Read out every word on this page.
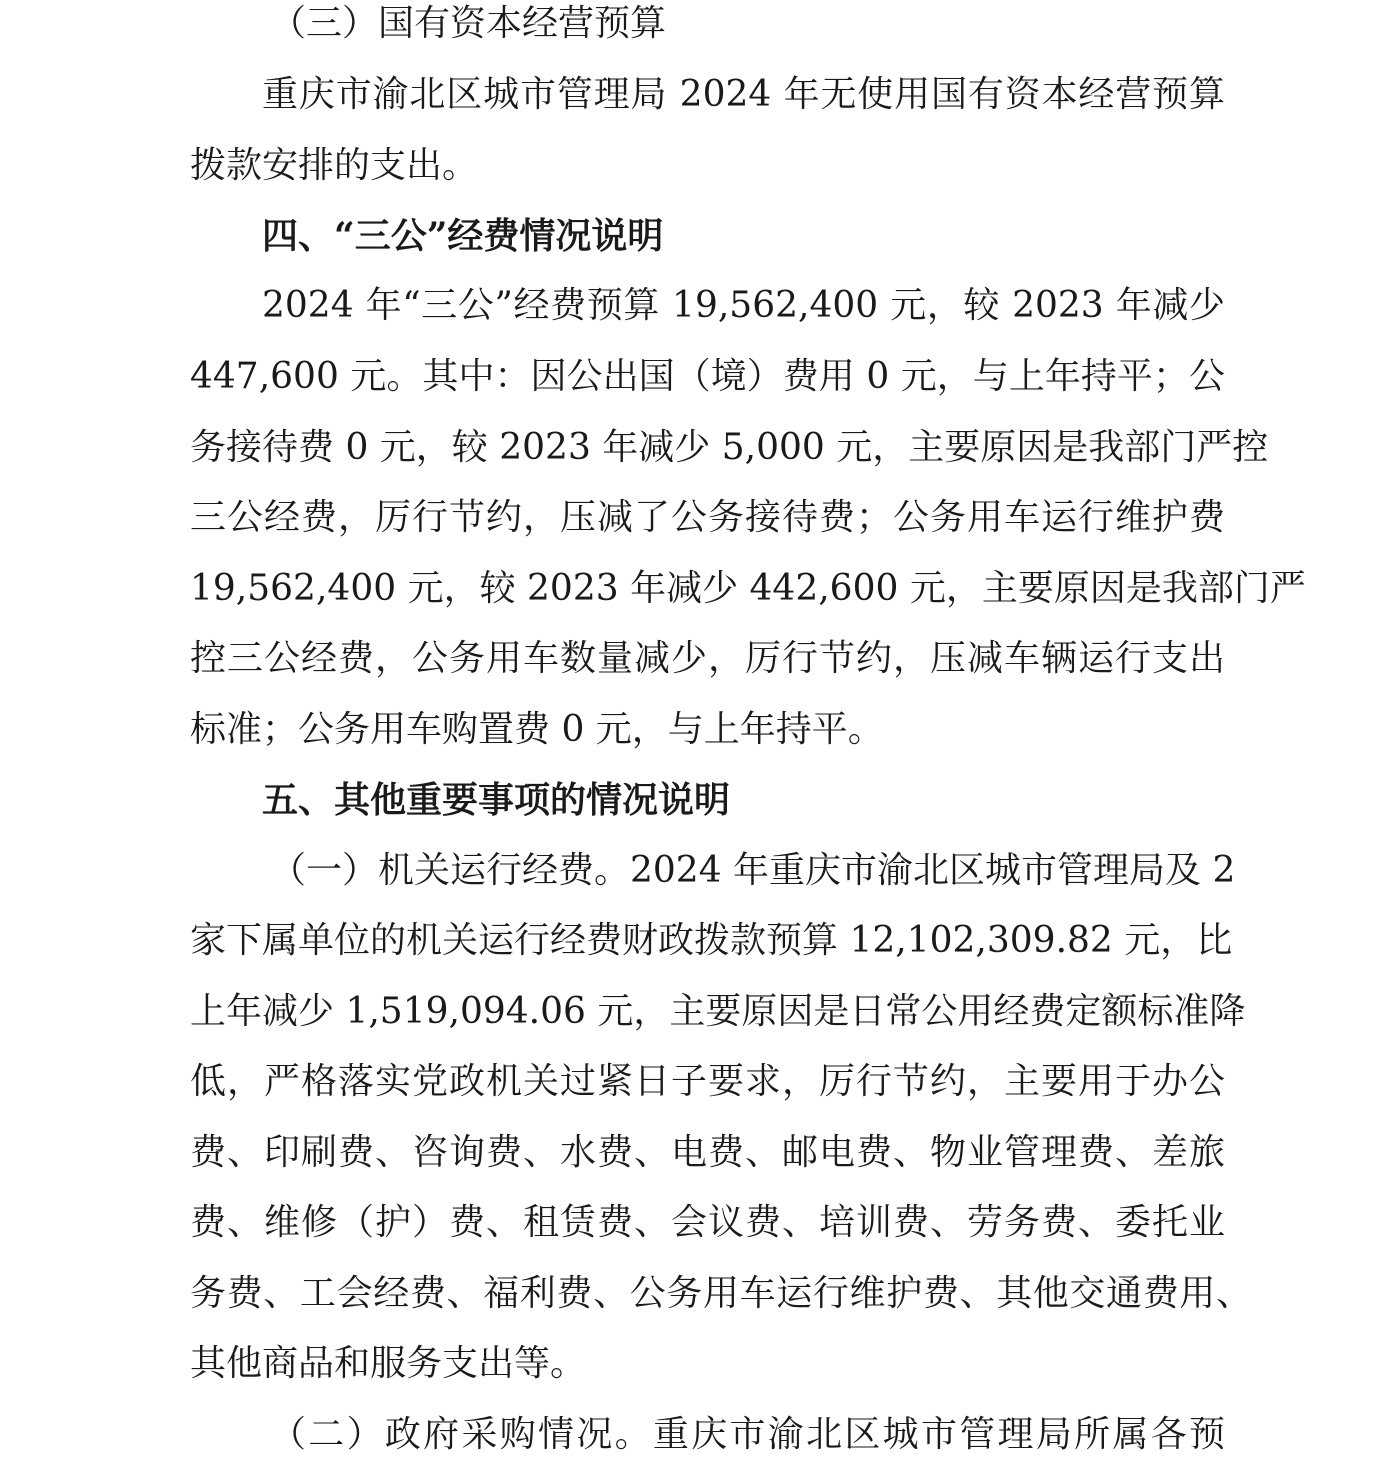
（三）国有资本经营预算
重庆市渝北区城市管理局 2024 年无使用国有资本经营预算
拨款安排的支出。
四、“三公”经费情况说明
2024 年“三公”经费预算 19,562,400 元，较 2023 年减少
447,600 元。其中：因公出国（境）费用 0 元，与上年持平；公
务接待费 0 元，较 2023 年减少 5,000 元，主要原因是我部门严控
三公经费，厉行节约，压减了公务接待费；公务用车运行维护费
19,562,400 元，较 2023 年减少 442,600 元，主要原因是我部门严
控三公经费，公务用车数量减少，厉行节约，压减车辆运行支出
标准；公务用车购置费 0 元，与上年持平。
五、其他重要事项的情况说明
（一）机关运行经费。2024 年重庆市渝北区城市管理局及 2
家下属单位的机关运行经费财政拨款预算 12,102,309.82 元，比
上年减少 1,519,094.06 元，主要原因是日常公用经费定额标准降
低，严格落实党政机关过紧日子要求，厉行节约，主要用于办公
费、印刷费、咨询费、水费、电费、邮电费、物业管理费、差旅
费、维修（护）费、租赁费、会议费、培训费、劳务费、委托业
务费、工会经费、福利费、公务用车运行维护费、其他交通费用、
其他商品和服务支出等。
（二）政府采购情况。重庆市渝北区城市管理局所属各预
